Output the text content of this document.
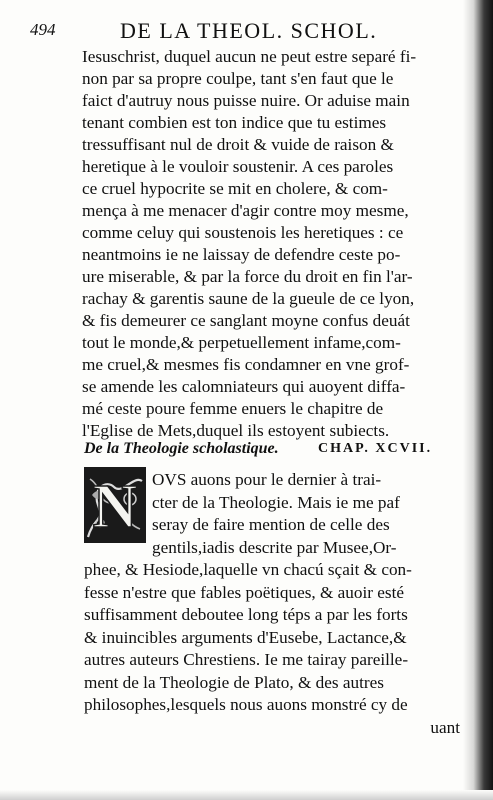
494	DE LA THEOL. SCHOL.
Iesuschrist, duquel aucun ne peut estre separé fi-
non par sa propre coulpe, tant s'en faut que le
faict d'autruy nous puisse nuire. Or aduise main
tenant combien est ton indice que tu estimes
tressuffisant nul de droit & vuide de raison &
heretique à le vouloir soustenir. A ces paroles
ce cruel hypocrite se mit en cholere, & com-
mença à me menacer d'agir contre moy mesme,
comme celuy qui soustenois les heretiques : ce
neantmoins ie ne laissay de defendre ceste po-
ure miserable, & par la force du droit en fin l'ar-
rachay & garentis saune de la gueule de ce lyon,
& fis demeurer ce sanglant moyne confus deuát
tout le monde,& perpetuellement infame,com-
me cruel,& mesmes fis condamner en vne grof-
se amende les calomniateurs qui auoyent diffa-
mé ceste poure femme enuers le chapitre de
l'Eglise de Mets,duquel ils estoyent subiects.
De la Theologie scholastique.	CHAP. XCVII.
N OVS auons pour le dernier à trai-
cter de la Theologie. Mais ie me paf
seray de faire mention de celle des
gentils,iadis descrite par Musee,Or-
phee, & Hesiode,laquelle vn chacú sçait & con-
fesse n'estre que fables poëtiques, & auoir esté
suffisamment deboutee long téps a par les forts
& inuincibles arguments d'Eusebe, Lactance,&
autres auteurs Chrestiens. Ie me tairay pareille-
ment de la Theologie de Plato, & des autres
philosophes,lesquels nous auons monstré cy de
uant
